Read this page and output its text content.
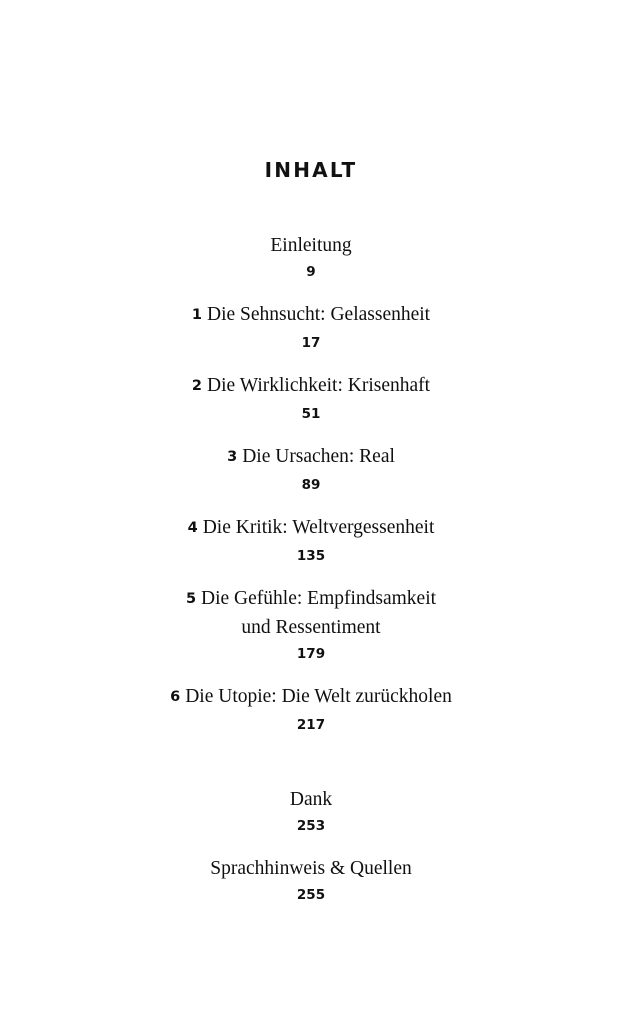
INHALT
Einleitung
9
1 Die Sehnsucht: Gelassenheit
17
2 Die Wirklichkeit: Krisenhaft
51
3 Die Ursachen: Real
89
4 Die Kritik: Weltvergessenheit
135
5 Die Gefühle: Empfindsamkeit
und Ressentiment
179
6 Die Utopie: Die Welt zurückholen
217
Dank
253
Sprachhinweis & Quellen
255
